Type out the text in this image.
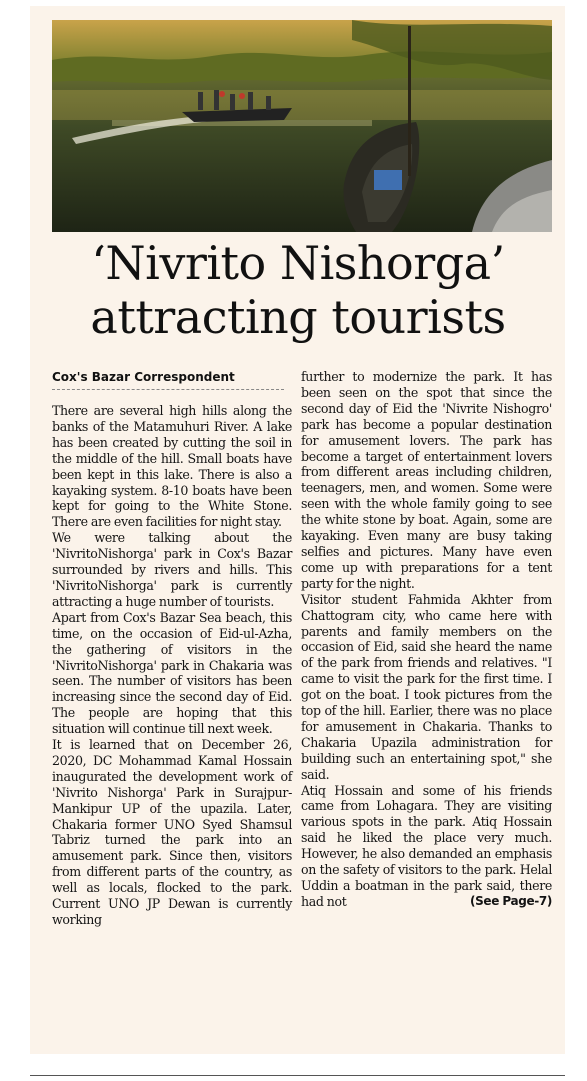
‘Nivrito Nishorga’
attracting tourists
Cox's Bazar Correspondent

There are several high hills along the banks of the Matamuhuri River. A lake has been created by cutting the soil in the middle of the hill. Small boats have been kept in this lake. There is also a kayaking system. 8-10 boats have been kept for going to the White Stone. There are even facilities for night stay.

We were talking about the 'NivritoNishorga' park in Cox's Bazar surrounded by rivers and hills. This 'NivritoNishorga' park is currently attracting a huge number of tourists.

Apart from Cox's Bazar Sea beach, this time, on the occasion of Eid-ul-Azha, the gathering of visitors in the 'NivritoNishorga' park in Chakaria was seen. The number of visitors has been increasing since the second day of Eid. The people are hoping that this situation will continue till next week.

It is learned that on December 26, 2020, DC Mohammad Kamal Hossain inaugurated the development work of 'Nivrito Nishorga' Park in Surajpur-Mankipur UP of the upazila. Later, Chakaria former UNO Syed Shamsul Tabriz turned the park into an amusement park. Since then, visitors from different parts of the country, as well as locals, flocked to the park. Current UNO JP Dewan is currently working

further to modernize the park. It has been seen on the spot that since the second day of Eid the 'Nivrite Nishogro' park has become a popular destination for amusement lovers. The park has become a target of entertainment lovers from different areas including children, teenagers, men, and women. Some were seen with the whole family going to see the white stone by boat. Again, some are kayaking. Even many are busy taking selfies and pictures. Many have even come up with preparations for a tent party for the night.

Visitor student Fahmida Akhter from Chattogram city, who came here with parents and family members on the occasion of Eid, said she heard the name of the park from friends and relatives. "I came to visit the park for the first time. I got on the boat. I took pictures from the top of the hill. Earlier, there was no place for amusement in Chakaria. Thanks to Chakaria Upazila administration for building such an entertaining spot," she said.

Atiq Hossain and some of his friends came from Lohagara. They are visiting various spots in the park. Atiq Hossain said he liked the place very much. However, he also demanded an emphasis on the safety of visitors to the park. Helal Uddin a boatman in the park said, there had not	(See Page-7)
